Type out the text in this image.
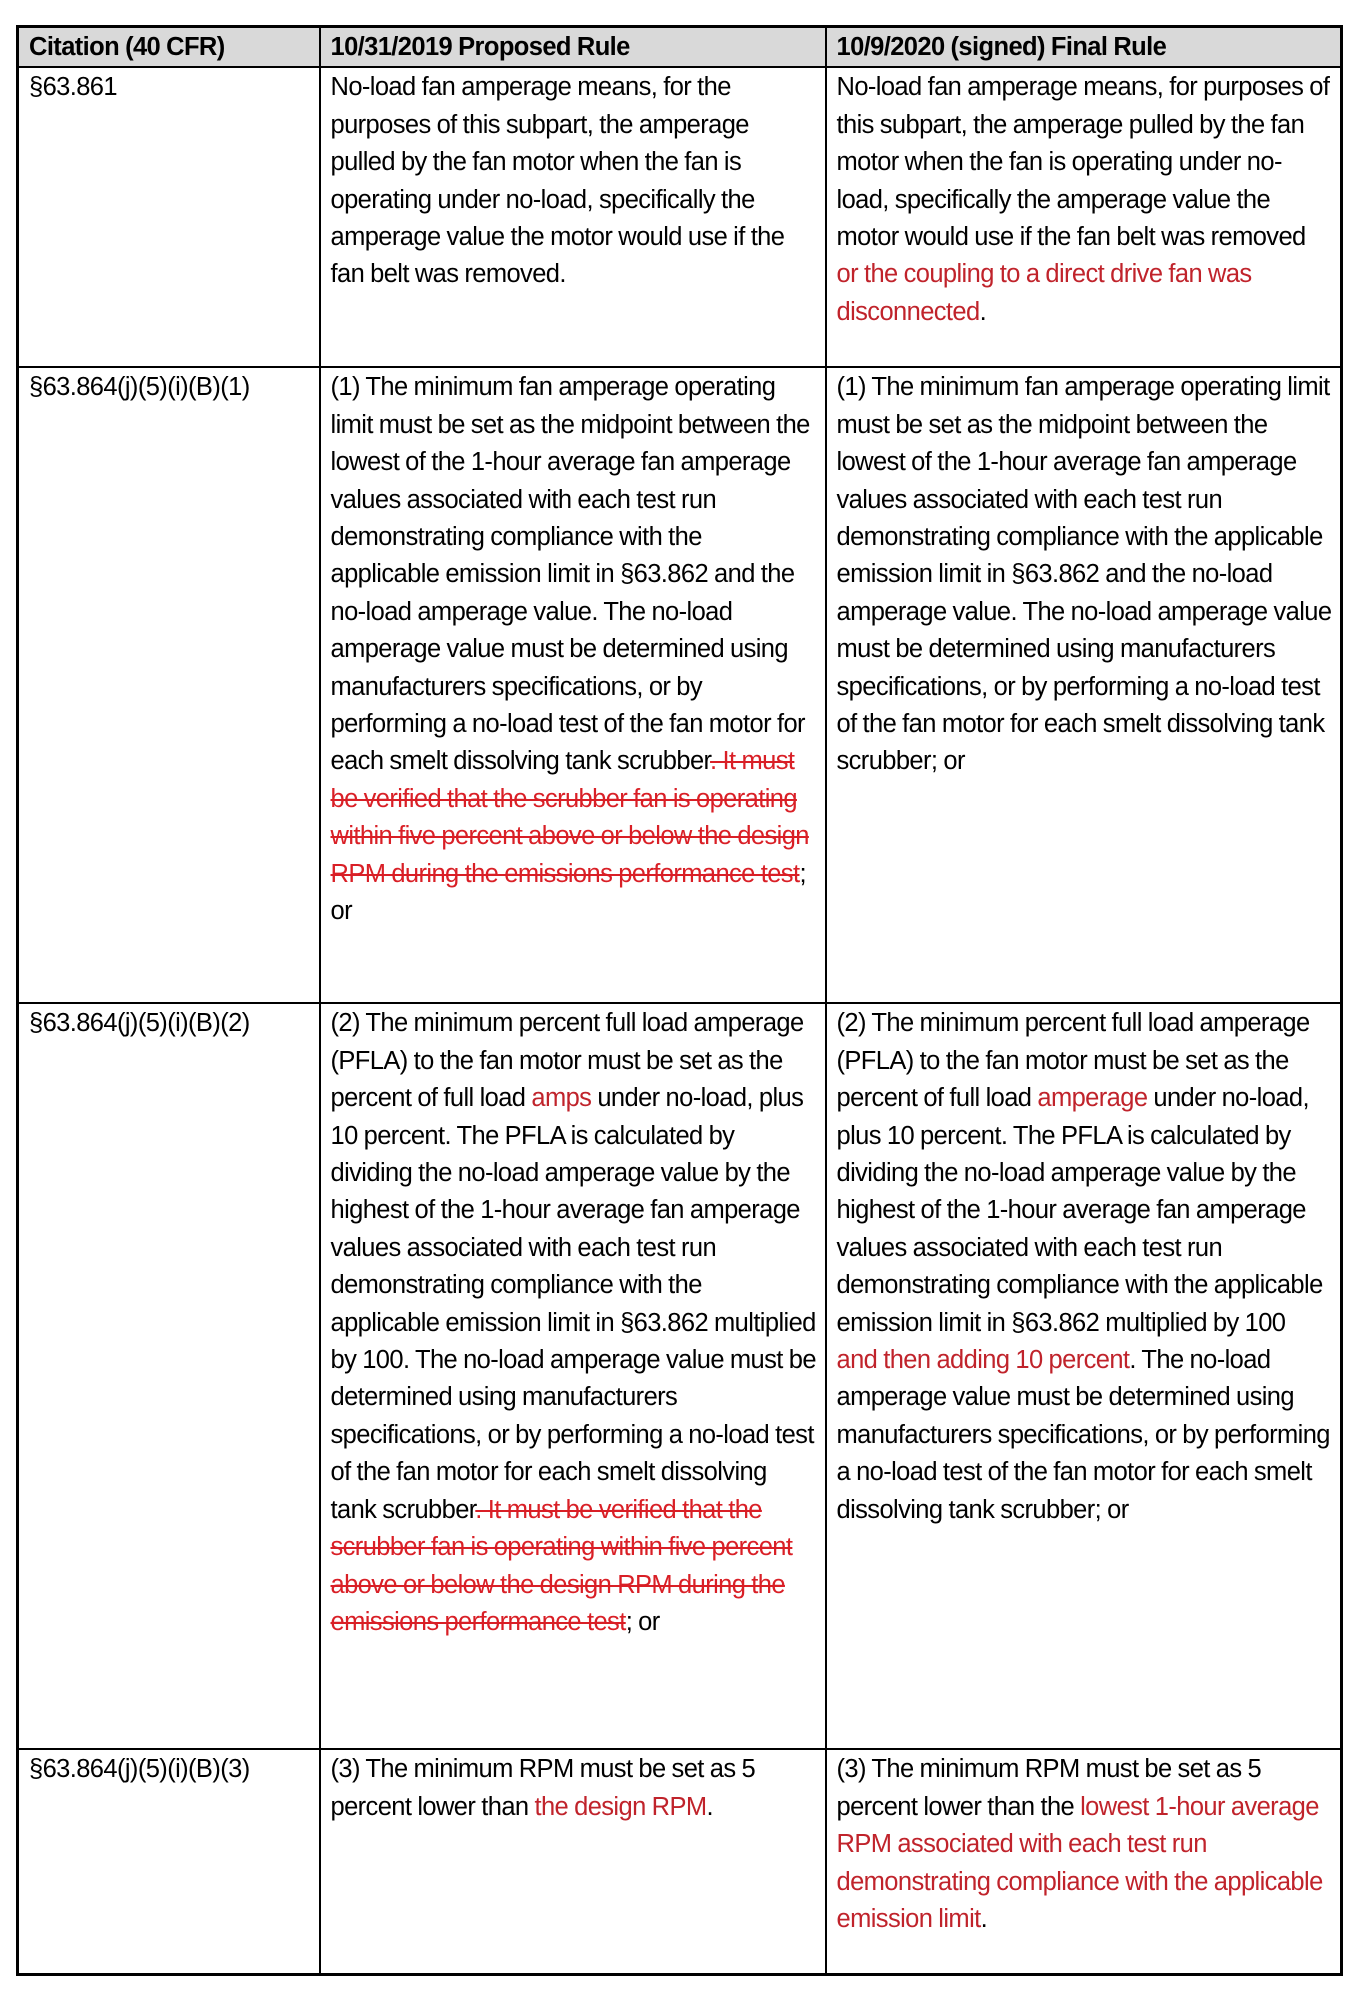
Citation (40 CFR)	10/31/2019 Proposed Rule	10/9/2020 (signed) Final Rule
§63.861	No-load fan amperage means, for the purposes of this subpart, the amperage pulled by the fan motor when the fan is operating under no-load, specifically the amperage value the motor would use if the fan belt was removed.	No-load fan amperage means, for purposes of this subpart, the amperage pulled by the fan motor when the fan is operating under no-load, specifically the amperage value the motor would use if the fan belt was removed or the coupling to a direct drive fan was disconnected.
§63.864(j)(5)(i)(B)(1)	(1) The minimum fan amperage operating limit must be set as the midpoint between the lowest of the 1-hour average fan amperage values associated with each test run demonstrating compliance with the applicable emission limit in §63.862 and the no-load amperage value. The no-load amperage value must be determined using manufacturers specifications, or by performing a no-load test of the fan motor for each smelt dissolving tank scrubber. It must be verified that the scrubber fan is operating within five percent above or below the design RPM during the emissions performance test; or	(1) The minimum fan amperage operating limit must be set as the midpoint between the lowest of the 1-hour average fan amperage values associated with each test run demonstrating compliance with the applicable emission limit in §63.862 and the no-load amperage value. The no-load amperage value must be determined using manufacturers specifications, or by performing a no-load test of the fan motor for each smelt dissolving tank scrubber; or
§63.864(j)(5)(i)(B)(2)	(2) The minimum percent full load amperage (PFLA) to the fan motor must be set as the percent of full load amps under no-load, plus 10 percent. The PFLA is calculated by dividing the no-load amperage value by the highest of the 1-hour average fan amperage values associated with each test run demonstrating compliance with the applicable emission limit in §63.862 multiplied by 100. The no-load amperage value must be determined using manufacturers specifications, or by performing a no-load test of the fan motor for each smelt dissolving tank scrubber. It must be verified that the scrubber fan is operating within five percent above or below the design RPM during the emissions performance test; or	(2) The minimum percent full load amperage (PFLA) to the fan motor must be set as the percent of full load amperage under no-load, plus 10 percent. The PFLA is calculated by dividing the no-load amperage value by the highest of the 1-hour average fan amperage values associated with each test run demonstrating compliance with the applicable emission limit in §63.862 multiplied by 100 and then adding 10 percent. The no-load amperage value must be determined using manufacturers specifications, or by performing a no-load test of the fan motor for each smelt dissolving tank scrubber; or
§63.864(j)(5)(i)(B)(3)	(3) The minimum RPM must be set as 5 percent lower than the design RPM.	(3) The minimum RPM must be set as 5 percent lower than the lowest 1-hour average RPM associated with each test run demonstrating compliance with the applicable emission limit.
